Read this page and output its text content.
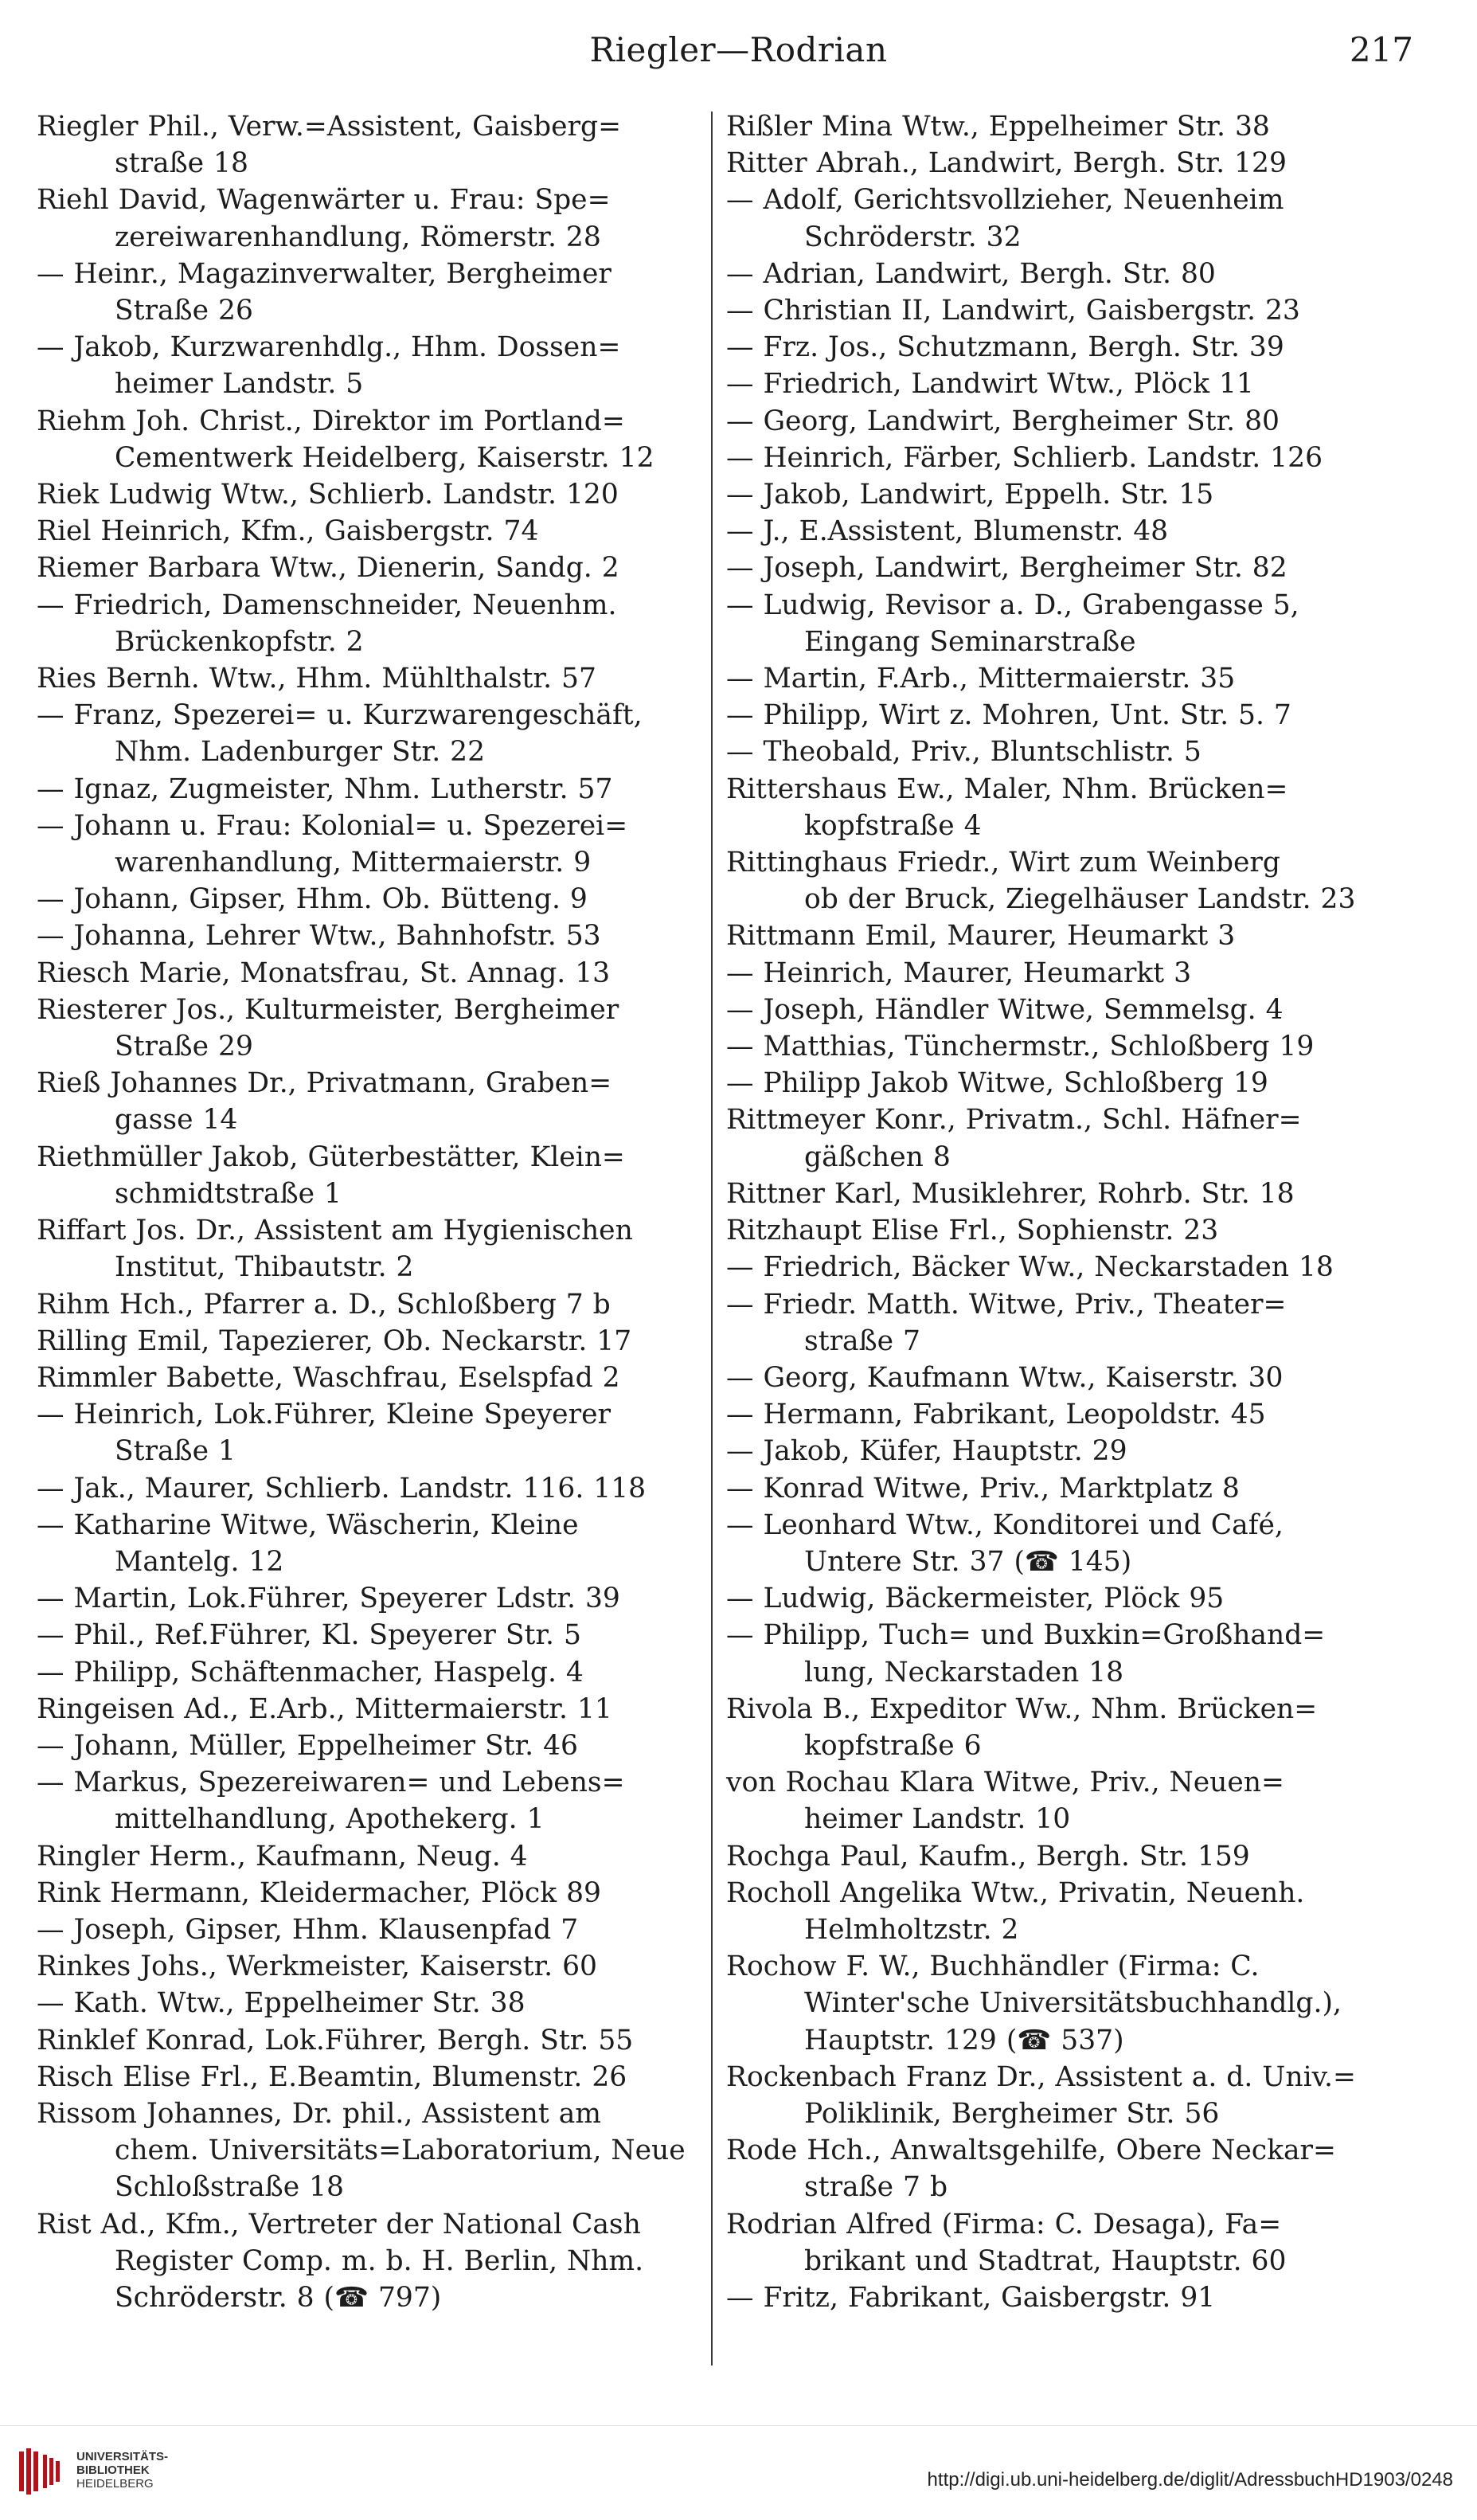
Riegler—Rodrian	217
Riegler Phil., Verw.=Assistent, Gaisberg=
straße 18
Riehl David, Wagenwärter u. Frau: Spe=
zereiwarenhandlung, Römerstr. 28
— Heinr., Magazinverwalter, Bergheimer
Straße 26
— Jakob, Kurzwarenhdlg., Hhm. Dossen=
heimer Landstr. 5
Riehm Joh. Christ., Direktor im Portland=
Cementwerk Heidelberg, Kaiserstr. 12
Riek Ludwig Wtw., Schlierb. Landstr. 120
Riel Heinrich, Kfm., Gaisbergstr. 74
Riemer Barbara Wtw., Dienerin, Sandg. 2
— Friedrich, Damenschneider, Neuenhm.
Brückenkopfstr. 2
Ries Bernh. Wtw., Hhm. Mühlthalstr. 57
— Franz, Spezerei= u. Kurzwarengeschäft,
Nhm. Ladenburger Str. 22
— Ignaz, Zugmeister, Nhm. Lutherstr. 57
— Johann u. Frau: Kolonial= u. Spezerei=
warenhandlung, Mittermaierstr. 9
— Johann, Gipser, Hhm. Ob. Bütteng. 9
— Johanna, Lehrer Wtw., Bahnhofstr. 53
Riesch Marie, Monatsfrau, St. Annag. 13
Riesterer Jos., Kulturmeister, Bergheimer
Straße 29
Rieß Johannes Dr., Privatmann, Graben=
gasse 14
Riethmüller Jakob, Güterbestätter, Klein=
schmidtstraße 1
Riffart Jos. Dr., Assistent am Hygienischen
Institut, Thibautstr. 2
Rihm Hch., Pfarrer a. D., Schloßberg 7 b
Rilling Emil, Tapezierer, Ob. Neckarstr. 17
Rimmler Babette, Waschfrau, Eselspfad 2
— Heinrich, Lok.Führer, Kleine Speyerer
Straße 1
— Jak., Maurer, Schlierb. Landstr. 116. 118
— Katharine Witwe, Wäscherin, Kleine
Mantelg. 12
— Martin, Lok.Führer, Speyerer Ldstr. 39
— Phil., Ref.Führer, Kl. Speyerer Str. 5
— Philipp, Schäftenmacher, Haspelg. 4
Ringeisen Ad., E.Arb., Mittermaierstr. 11
— Johann, Müller, Eppelheimer Str. 46
— Markus, Spezereiwaren= und Lebens=
mittelhandlung, Apothekerg. 1
Ringler Herm., Kaufmann, Neug. 4
Rink Hermann, Kleidermacher, Plöck 89
— Joseph, Gipser, Hhm. Klausenpfad 7
Rinkes Johs., Werkmeister, Kaiserstr. 60
— Kath. Wtw., Eppelheimer Str. 38
Rinklef Konrad, Lok.Führer, Bergh. Str. 55
Risch Elise Frl., E.Beamtin, Blumenstr. 26
Rissom Johannes, Dr. phil., Assistent am
chem. Universitäts=Laboratorium, Neue
Schloßstraße 18
Rist Ad., Kfm., Vertreter der National Cash
Register Comp. m. b. H. Berlin, Nhm.
Schröderstr. 8 (☎ 797)
Rißler Mina Wtw., Eppelheimer Str. 38
Ritter Abrah., Landwirt, Bergh. Str. 129
— Adolf, Gerichtsvollzieher, Neuenheim
Schröderstr. 32
— Adrian, Landwirt, Bergh. Str. 80
— Christian II, Landwirt, Gaisbergstr. 23
— Frz. Jos., Schutzmann, Bergh. Str. 39
— Friedrich, Landwirt Wtw., Plöck 11
— Georg, Landwirt, Bergheimer Str. 80
— Heinrich, Färber, Schlierb. Landstr. 126
— Jakob, Landwirt, Eppelh. Str. 15
— J., E.Assistent, Blumenstr. 48
— Joseph, Landwirt, Bergheimer Str. 82
— Ludwig, Revisor a. D., Grabengasse 5,
Eingang Seminarstraße
— Martin, F.Arb., Mittermaierstr. 35
— Philipp, Wirt z. Mohren, Unt. Str. 5. 7
— Theobald, Priv., Bluntschlistr. 5
Rittershaus Ew., Maler, Nhm. Brücken=
kopfstraße 4
Rittinghaus Friedr., Wirt zum Weinberg
ob der Bruck, Ziegelhäuser Landstr. 23
Rittmann Emil, Maurer, Heumarkt 3
— Heinrich, Maurer, Heumarkt 3
— Joseph, Händler Witwe, Semmelsg. 4
— Matthias, Tünchermstr., Schloßberg 19
— Philipp Jakob Witwe, Schloßberg 19
Rittmeyer Konr., Privatm., Schl. Häfner=
gäßchen 8
Rittner Karl, Musiklehrer, Rohrb. Str. 18
Ritzhaupt Elise Frl., Sophienstr. 23
— Friedrich, Bäcker Ww., Neckarstaden 18
— Friedr. Matth. Witwe, Priv., Theater=
straße 7
— Georg, Kaufmann Wtw., Kaiserstr. 30
— Hermann, Fabrikant, Leopoldstr. 45
— Jakob, Küfer, Hauptstr. 29
— Konrad Witwe, Priv., Marktplatz 8
— Leonhard Wtw., Konditorei und Café,
Untere Str. 37 (☎ 145)
— Ludwig, Bäckermeister, Plöck 95
— Philipp, Tuch= und Buxkin=Großhand=
lung, Neckarstaden 18
Rivola B., Expeditor Ww., Nhm. Brücken=
kopfstraße 6
von Rochau Klara Witwe, Priv., Neuen=
heimer Landstr. 10
Rochga Paul, Kaufm., Bergh. Str. 159
Rocholl Angelika Wtw., Privatin, Neuenh.
Helmholtzstr. 2
Rochow F. W., Buchhändler (Firma: C.
Winter'sche Universitätsbuchhandlg.),
Hauptstr. 129 (☎ 537)
Rockenbach Franz Dr., Assistent a. d. Univ.=
Poliklinik, Bergheimer Str. 56
Rode Hch., Anwaltsgehilfe, Obere Neckar=
straße 7 b
Rodrian Alfred (Firma: C. Desaga), Fa=
brikant und Stadtrat, Hauptstr. 60
— Fritz, Fabrikant, Gaisbergstr. 91
UNIVERSITÄTS-
BIBLIOTHEK
HEIDELBERG	http://digi.ub.uni-heidelberg.de/diglit/AdressbuchHD1903/0248
